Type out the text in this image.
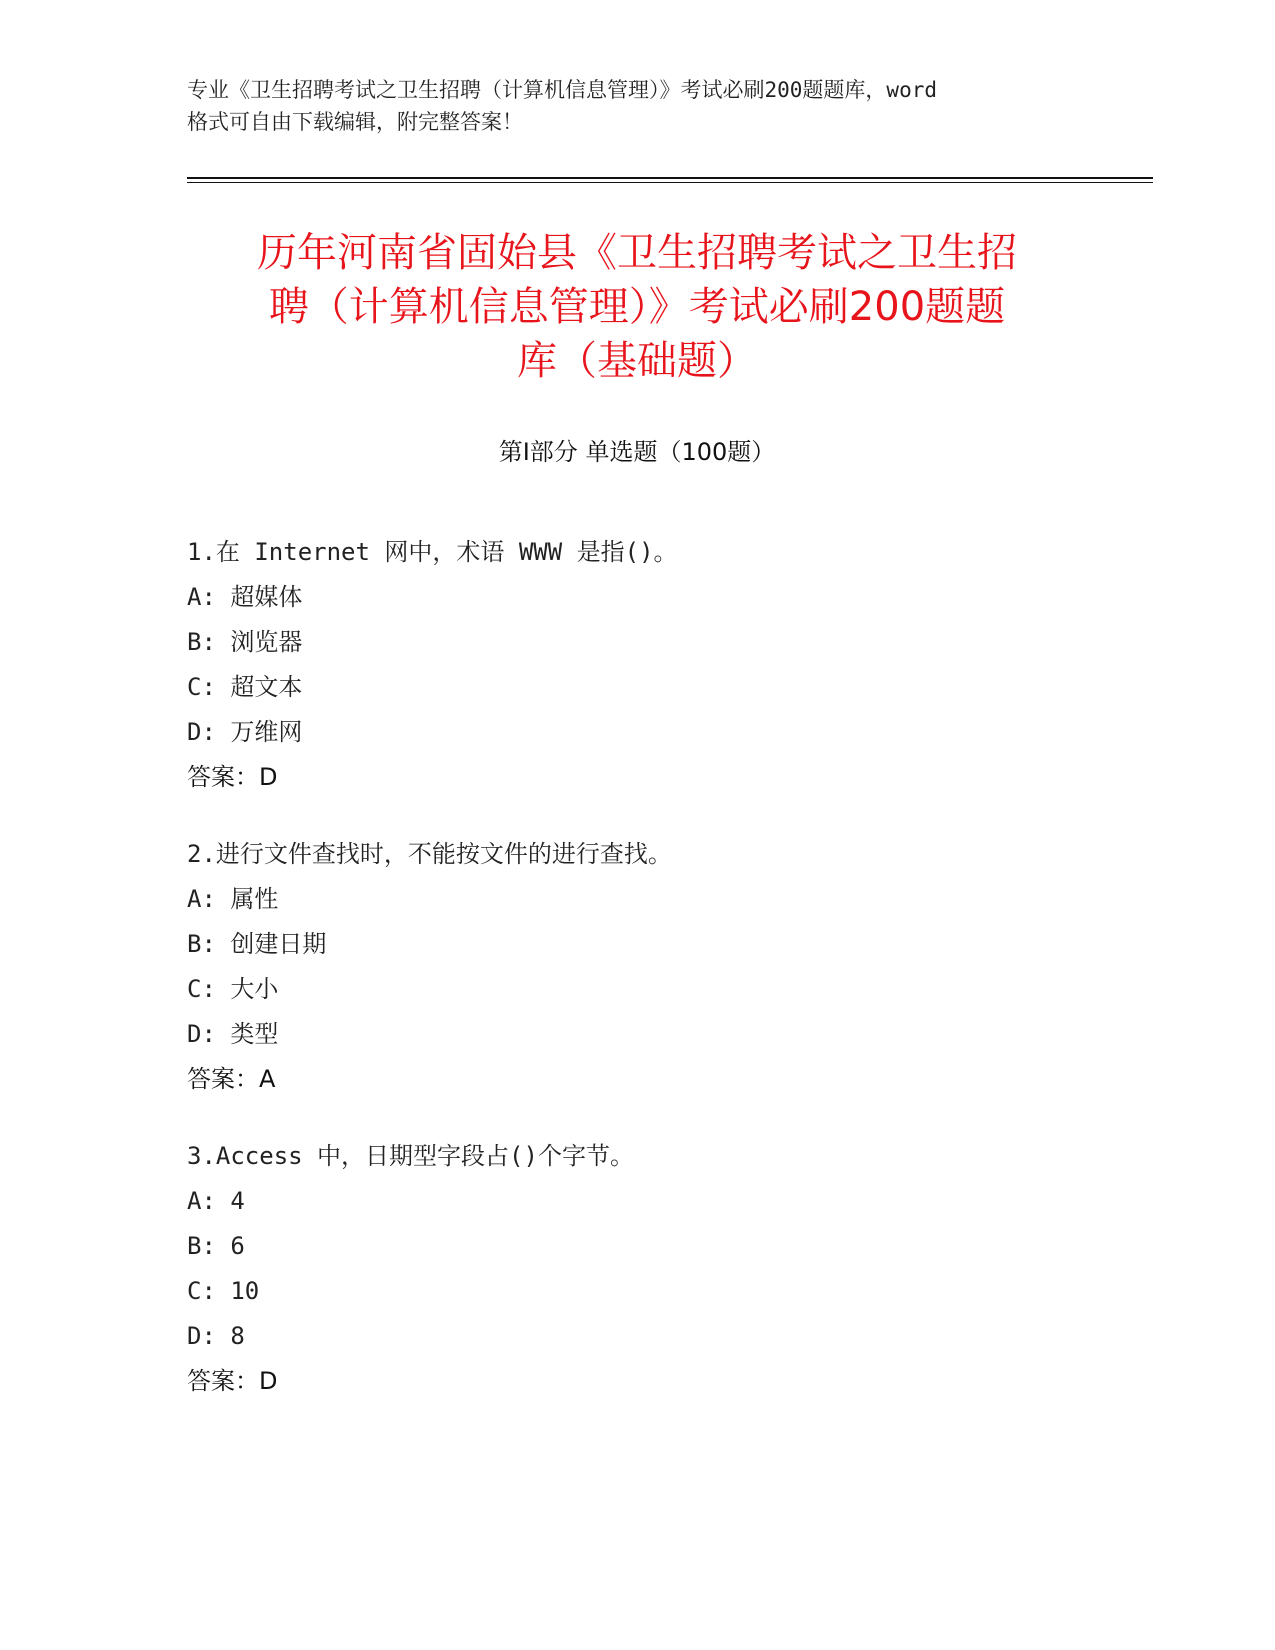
专业《卫生招聘考试之卫生招聘（计算机信息管理）》考试必刷200题题库，word
格式可自由下载编辑，附完整答案！
历年河南省固始县《卫生招聘考试之卫生招
聘（计算机信息管理）》考试必刷200题题
库（基础题）
第Ⅰ部分 单选题（100题）
1.在 Internet 网中，术语 WWW 是指()。
A: 超媒体
B: 浏览器
C: 超文本
D: 万维网
答案：D
2.进行文件查找时，不能按文件的进行查找。
A: 属性
B: 创建日期
C: 大小
D: 类型
答案：A
3.Access 中，日期型字段占()个字节。
A: 4
B: 6
C: 10
D: 8
答案：D
